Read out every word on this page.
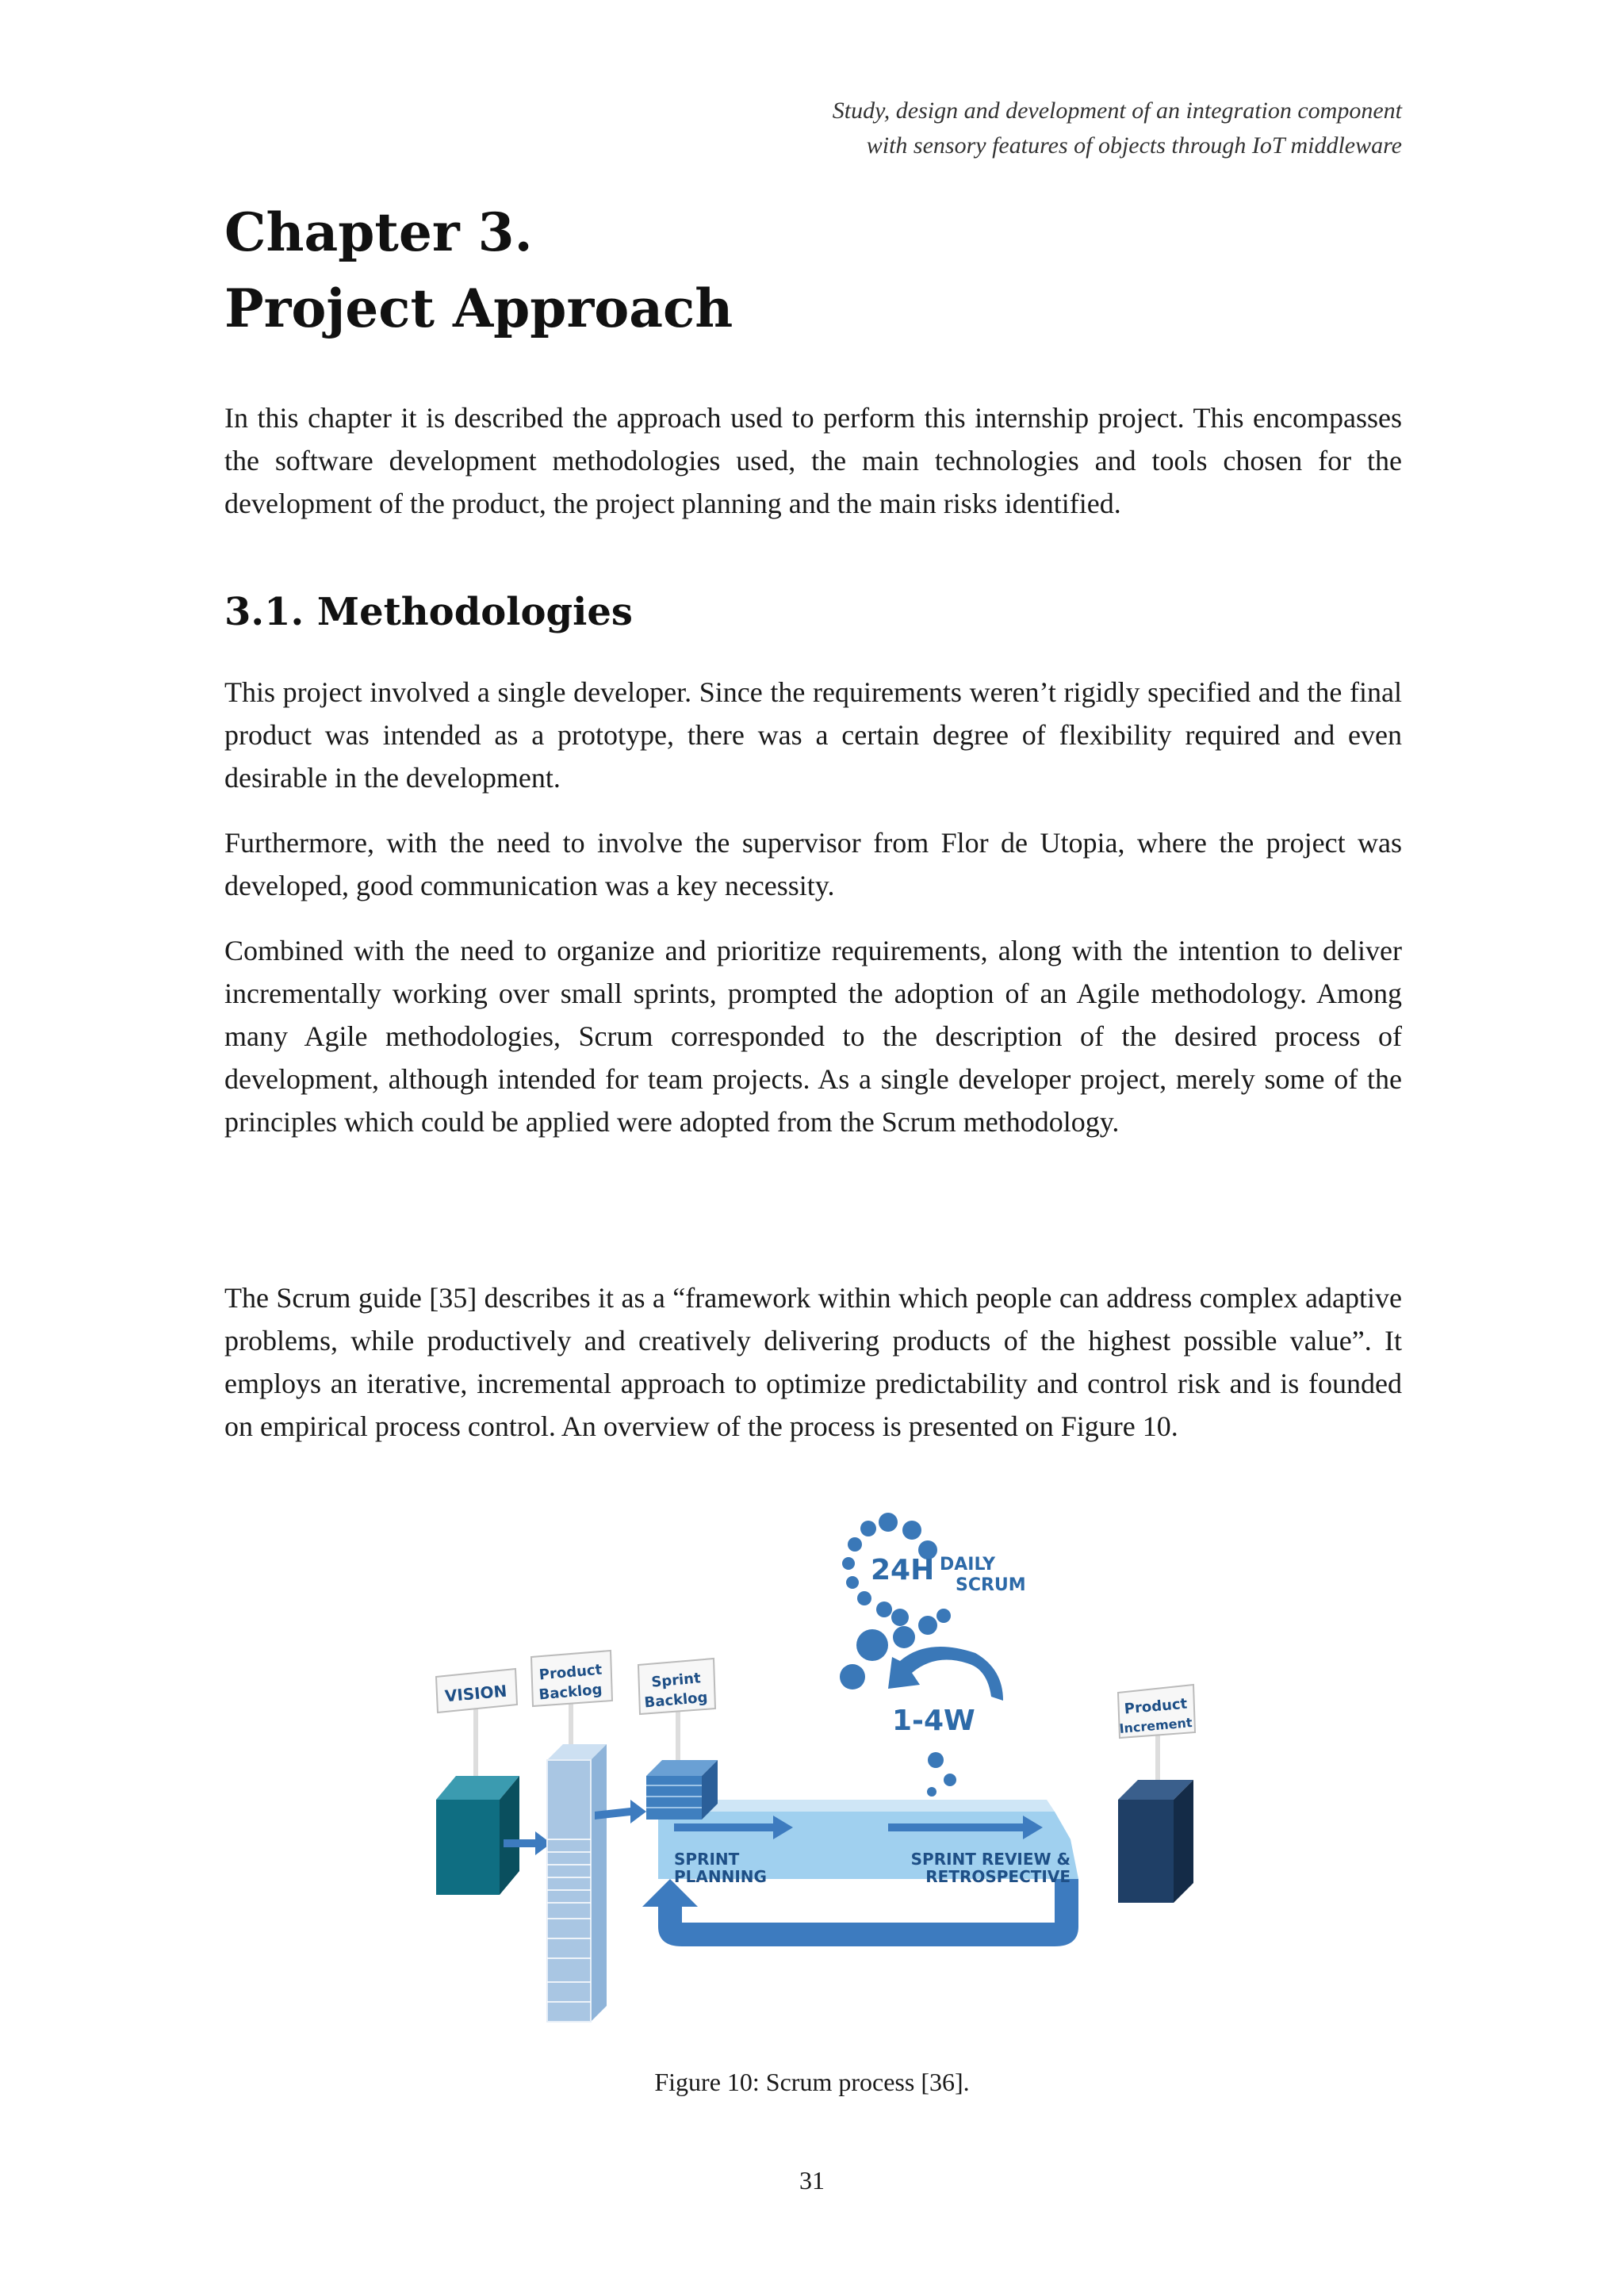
Study, design and development of an integration component
with sensory features of objects through IoT middleware
Chapter 3.
Project Approach
In this chapter it is described the approach used to perform this internship project. This encompasses the software development methodologies used, the main technologies and tools chosen for the development of the product, the project planning and the main risks identified.
3.1. Methodologies
This project involved a single developer. Since the requirements weren’t rigidly specified and the final product was intended as a prototype, there was a certain degree of flexibility required and even desirable in the development.
Furthermore, with the need to involve the supervisor from Flor de Utopia, where the project was developed, good communication was a key necessity.
Combined with the need to organize and prioritize requirements, along with the intention to deliver incrementally working over small sprints, prompted the adoption of an Agile methodology. Among many Agile methodologies, Scrum corresponded to the description of the desired process of development, although intended for team projects. As a single developer project, merely some of the principles which could be applied were adopted from the Scrum methodology.
The Scrum guide [35] describes it as a “framework within which people can address complex adaptive problems, while productively and creatively delivering products of the highest possible value”. It employs an iterative, incremental approach to optimize predictability and control risk and is founded on empirical process control. An overview of the process is presented on Figure 10.
VISION
Product
Backlog
Sprint
Backlog	Product
Increment
24H DAILY
SCRUM
1-4W
SPRINT
PLANNING
SPRINT REVIEW &
RETROSPECTIVE
Figure 10: Scrum process [36].
31
